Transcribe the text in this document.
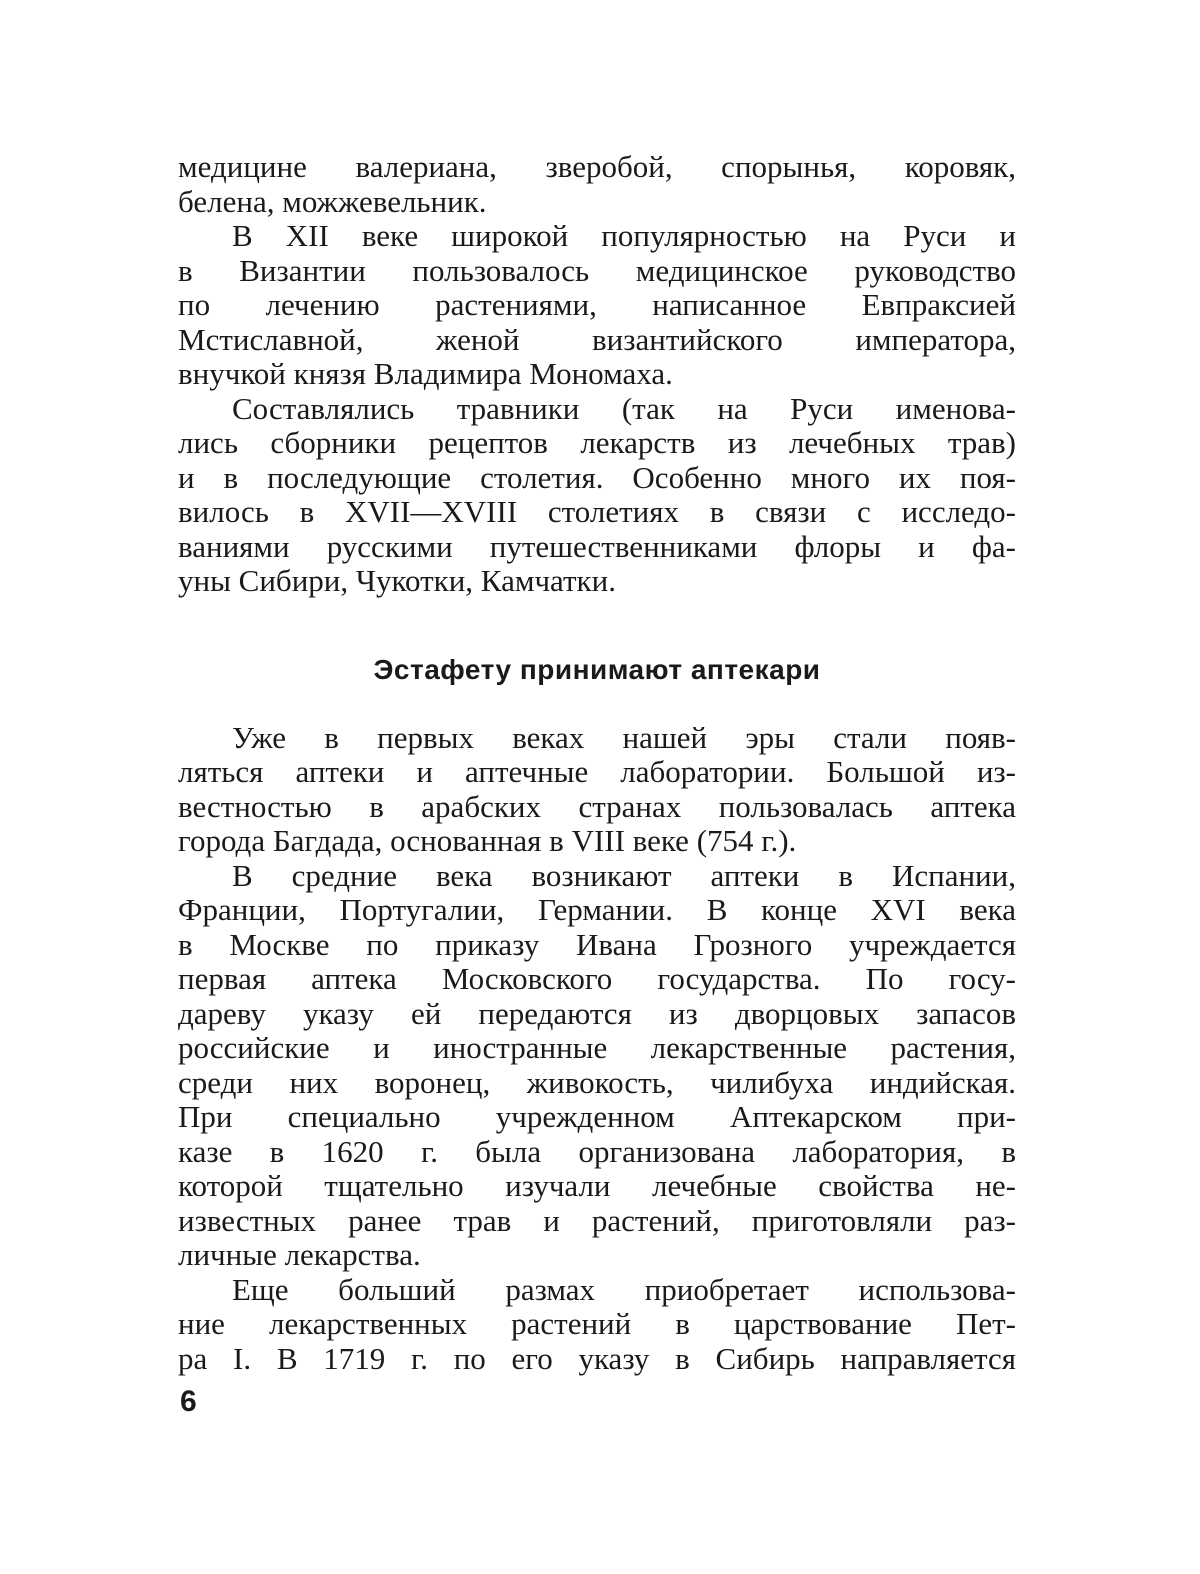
медицине валериана, зверобой, спорынья, коровяк,
белена, можжевельник.

В XII веке широкой популярностью на Руси и
в Византии пользовалось медицинское руководство
по лечению растениями, написанное Евпраксией
Мстиславной, женой византийского императора,
внучкой князя Владимира Мономаха.

Составлялись травники (так на Руси именова-
лись сборники рецептов лекарств из лечебных трав)
и в последующие столетия. Особенно много их поя-
вилось в XVII—XVIII столетиях в связи с исследо-
ваниями русскими путешественниками флоры и фа-
уны Сибири, Чукотки, Камчатки.

Эстафету принимают аптекари

Уже в первых веках нашей эры стали появ-
ляться аптеки и аптечные лаборатории. Большой из-
вестностью в арабских странах пользовалась аптека
города Багдада, основанная в VIII веке (754 г.).

В средние века возникают аптеки в Испании,
Франции, Португалии, Германии. В конце XVI века
в Москве по приказу Ивана Грозного учреждается
первая аптека Московского государства. По госу-
дареву указу ей передаются из дворцовых запасов
российские и иностранные лекарственные растения,
среди них воронец, живокость, чилибуха индийская.
При специально учрежденном Аптекарском при-
казе в 1620 г. была организована лаборатория, в
которой тщательно изучали лечебные свойства не-
известных ранее трав и растений, приготовляли раз-
личные лекарства.

Еще больший размах приобретает использова-
ние лекарственных растений в царствование Пет-
ра I. В 1719 г. по его указу в Сибирь направляется

6
